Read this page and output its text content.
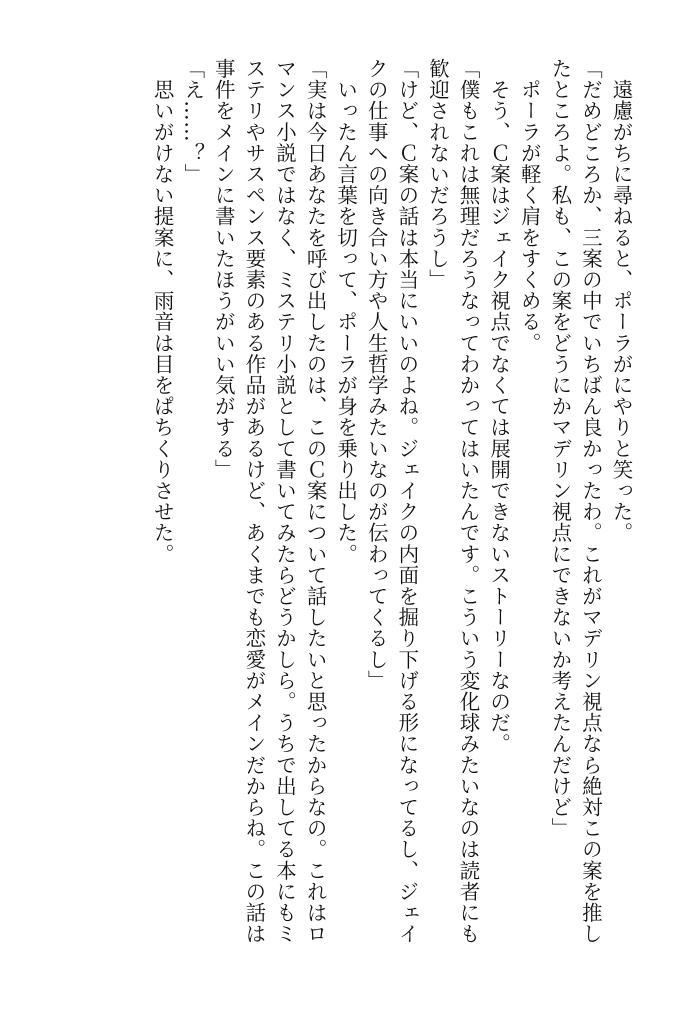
　遠慮がちに尋ねると、ポーラがにやりと笑った。
「だめどころか、三案の中でいちばん良かったわ。これがマデリン視点なら絶対この案を推し
たところよ。私も、この案をどうにかマデリン視点にできないか考えたんだけど」
　ポーラが軽く肩をすくめる。
　そう、Ｃ案はジェイク視点でなくては展開できないストーリーなのだ。
「僕もこれは無理だろうなってわかってはいたんです。こういう変化球みたいなのは読者にも
歓迎されないだろうし」
「けど、Ｃ案の話は本当にいいのよね。ジェイクの内面を掘り下げる形になってるし、ジェイ
クの仕事への向き合い方や人生哲学みたいなのが伝わってくるし」
　いったん言葉を切って、ポーラが身を乗り出した。
「実は今日あなたを呼び出したのは、このＣ案について話したいと思ったからなの。これはロ
マンス小説ではなく、ミステリ小説として書いてみたらどうかしら。うちで出してる本にもミ
ステリやサスペンス要素のある作品があるけど、あくまでも恋愛がメインだからね。この話は
事件をメインに書いたほうがいい気がする」
「え……？」
　思いがけない提案に、雨音は目をぱちくりさせた。
